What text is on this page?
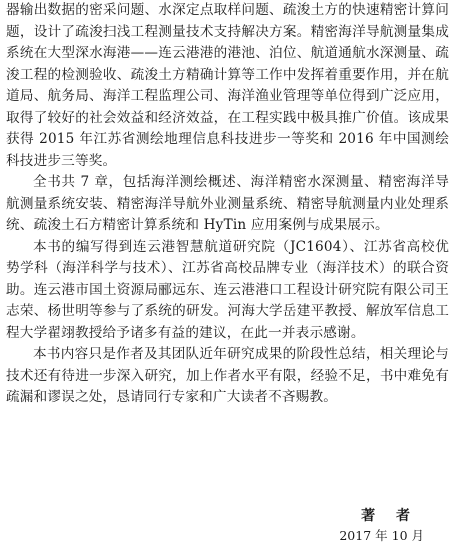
器输出数据的密采问题、水深定点取样问题、疏浚土方的快速精密计算问题，设计了疏浚扫浅工程测量技术支持解决方案。精密海洋导航测量集成系统在大型深水海港——连云港港的港池、泊位、航道通航水深测量、疏浚工程的检测验收、疏浚土方精确计算等工作中发挥着重要作用，并在航道局、航务局、海洋工程监理公司、海洋渔业管理等单位得到广泛应用，取得了较好的社会效益和经济效益，在工程实践中极具推广价值。该成果获得 2015 年江苏省测绘地理信息科技进步一等奖和 2016 年中国测绘科技进步三等奖。

全书共 7 章，包括海洋测绘概述、海洋精密水深测量、精密海洋导航测量系统安装、精密海洋导航外业测量系统、精密导航测量内业处理系统、疏浚土石方精密计算系统和 HyTin 应用案例与成果展示。

本书的编写得到连云港智慧航道研究院（JC1604）、江苏省高校优势学科（海洋科学与技术）、江苏省高校品牌专业（海洋技术）的联合资助。连云港市国土资源局郦远东、连云港港口工程设计研究院有限公司王志荣、杨世明等参与了系统的研发。河海大学岳建平教授、解放军信息工程大学翟翊教授给予诸多有益的建议，在此一并表示感谢。

本书内容只是作者及其团队近年研究成果的阶段性总结，相关理论与技术还有待进一步深入研究，加上作者水平有限，经验不足，书中难免有疏漏和谬误之处，恳请同行专家和广大读者不吝赐教。

著 者
2017 年 10 月
